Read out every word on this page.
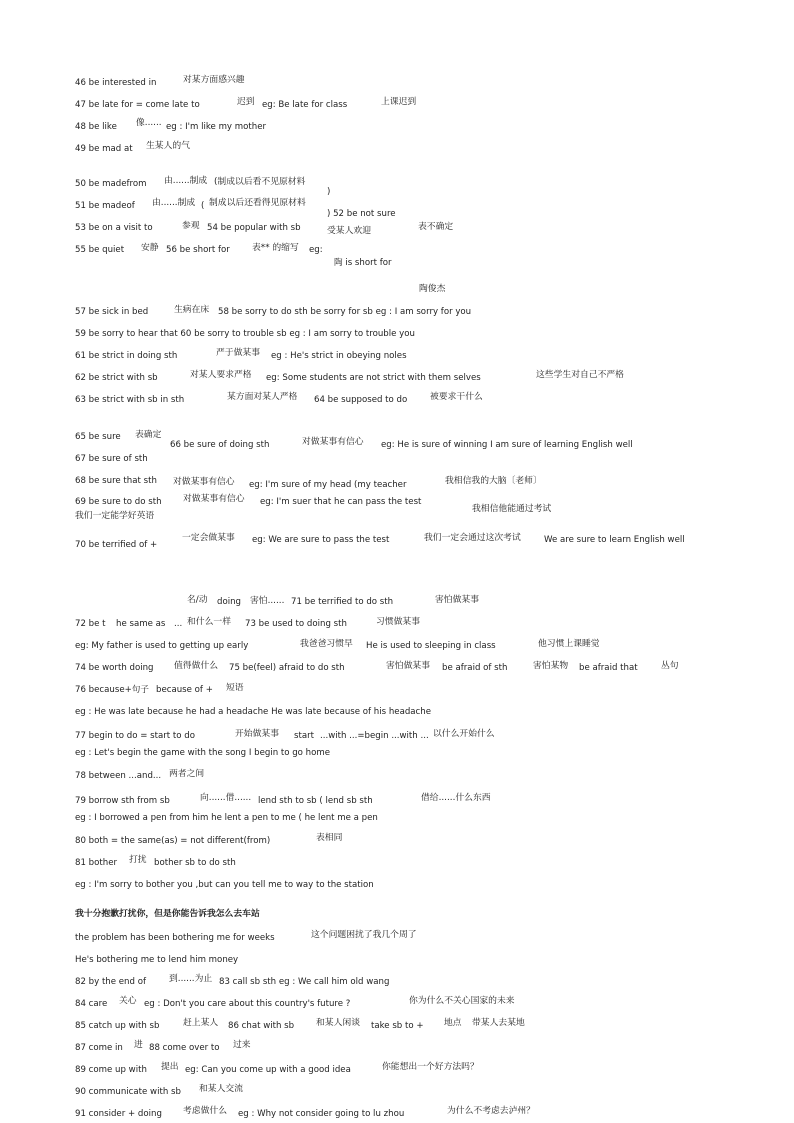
46 be interested in	对某方面感兴趣
47 be late for = come late to	迟到 eg: Be late for class	上课迟到
48 be like 像...... eg : I'm like my mother
49 be mad at 生某人的气
50 be madefrom 由......制成 (制成以后看不见原材料
)
51 be madeof 由......制成 ( 制成以后还看得见原材料
) 52 be not sure
53 be on a visit to	参观 54 be popular with sb	受某人欢迎	表不确定
55 be quiet 安静 56 be short for	表** 的缩写 eg:
陶 is short for
陶俊杰
57 be sick in bed	生病在床 58 be sorry to do sth be sorry for sb eg : I am sorry for you
59 be sorry to hear that 60 be sorry to trouble sb eg : I am sorry to trouble you
61 be strict in doing sth	严于做某事 eg : He's strict in obeying noles
62 be strict with sb	对某人要求严格 eg: Some students are not strict with them selves	这些学生对自己不严格
63 be strict with sb in sth	某方面对某人严格 64 be supposed to do	被要求干什么
65 be sure 表确定
66 be sure of doing sth	对做某事有信心 eg: He is sure of winning I am sure of learning English well
67 be sure of sth
68 be sure that sth 对做某事有信心 eg: I'm sure of my head (my teacher	我相信我的大脑〔老师〕
69 be sure to do sth 对做某事有信心 eg: I'm suer that he can pass the test
我们一定能学好英语
我相信他能通过考试
70 be terrified of +
一定会做某事 eg: We are sure to pass the test	我们一定会通过这次考试	We are sure to learn English well
名/动 doing 害怕...... 71 be terrified to do sth	害怕做某事
72 be t he same as ... 和什么一样 73 be used to doing sth	习惯做某事
eg: My father is used to getting up early	我爸爸习惯早 He is used to sleeping in class	他习惯上课睡觉
74 be worth doing 值得做什么 75 be(feel) afraid to do sth	害怕做某事 be afraid of sth	害怕某物 be afraid that	丛句
76 because+句子 because of + 短语
eg : He was late because he had a headache He was late because of his headache
77 begin to do = start to do	开始做某事 start ...with ...=begin ...with ... 以什么开始什么
eg : Let's begin the game with the song I begin to go home
78 between ...and... 两者之间
79 borrow sth from sb	向......借...... lend sth to sb ( lend sb sth	借给......什么东西
eg : I borrowed a pen from him he lent a pen to me ( he lent me a pen
80 both = the same(as) = not different(from)	表相同
81 bother 打扰 bother sb to do sth
eg : I'm sorry to bother you ,but can you tell me to way to the station
我十分抱歉打扰你，但是你能告诉我怎么去车站
the problem has been bothering me for weeks	这个问题困扰了我几个周了
He's bothering me to lend him money
82 by the end of	到......为止 83 call sb sth eg : We call him old wang
84 care 关心 eg : Don't you care about this country's future ?	你为什么不关心国家的未来
85 catch up with sb	赶上某人 86 chat with sb 和某人闲谈 take sb to + 地点 带某人去某地
87 come in 进 88 come over to 过来
89 come up with 提出 eg: Can you come up with a good idea	你能想出一个好方法吗？
90 communicate with sb 和某人交流
91 consider + doing 考虑做什么 eg : Why not consider going to lu zhou	为什么不考虑去泸州？
